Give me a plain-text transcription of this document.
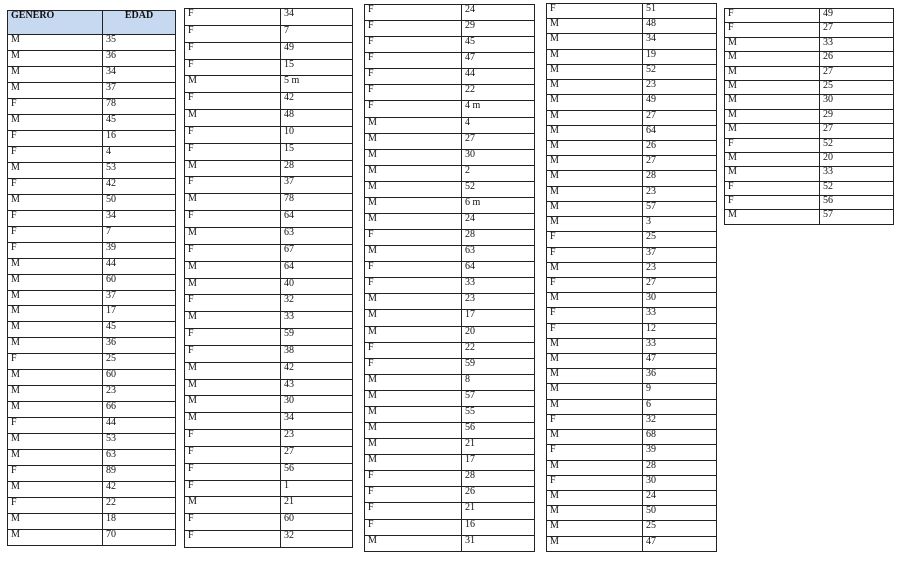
GENERO	EDAD
M	35
M	36
M	34
M	37
F	78
M	45
F	16
F	4
M	53
F	42
M	50
F	34
F	7
F	39
M	44
M	60
M	37
M	17
M	45
M	36
F	25
M	60
M	23
M	66
F	44
M	53
M	63
F	89
M	42
F	22
M	18
M	70
F	34
F	7
F	49
F	15
M	5 m
F	42
M	48
F	10
F	15
M	28
F	37
M	78
F	64
M	63
F	67
M	64
M	40
F	32
M	33
F	59
F	38
M	42
M	43
M	30
M	34
F	23
F	27
F	56
F	1
M	21
F	60
F	32
F	24
F	29
F	45
F	47
F	44
F	22
F	4 m
M	4
M	27
M	30
M	2
M	52
M	6 m
M	24
F	28
M	63
F	64
F	33
M	23
M	17
M	20
F	22
F	59
M	8
M	57
M	55
M	56
M	21
M	17
F	28
F	26
F	21
F	16
M	31
F	51
M	48
M	34
M	19
M	52
M	23
M	49
M	27
M	64
M	26
M	27
M	28
M	23
M	57
M	3
F	25
F	37
M	23
F	27
M	30
F	33
F	12
M	33
M	47
M	36
M	9
M	6
F	32
M	68
F	39
M	28
F	30
M	24
M	50
M	25
M	47
F	49
F	27
M	33
M	26
M	27
M	25
M	30
M	29
M	27
F	52
M	20
M	33
F	52
F	56
M	57
